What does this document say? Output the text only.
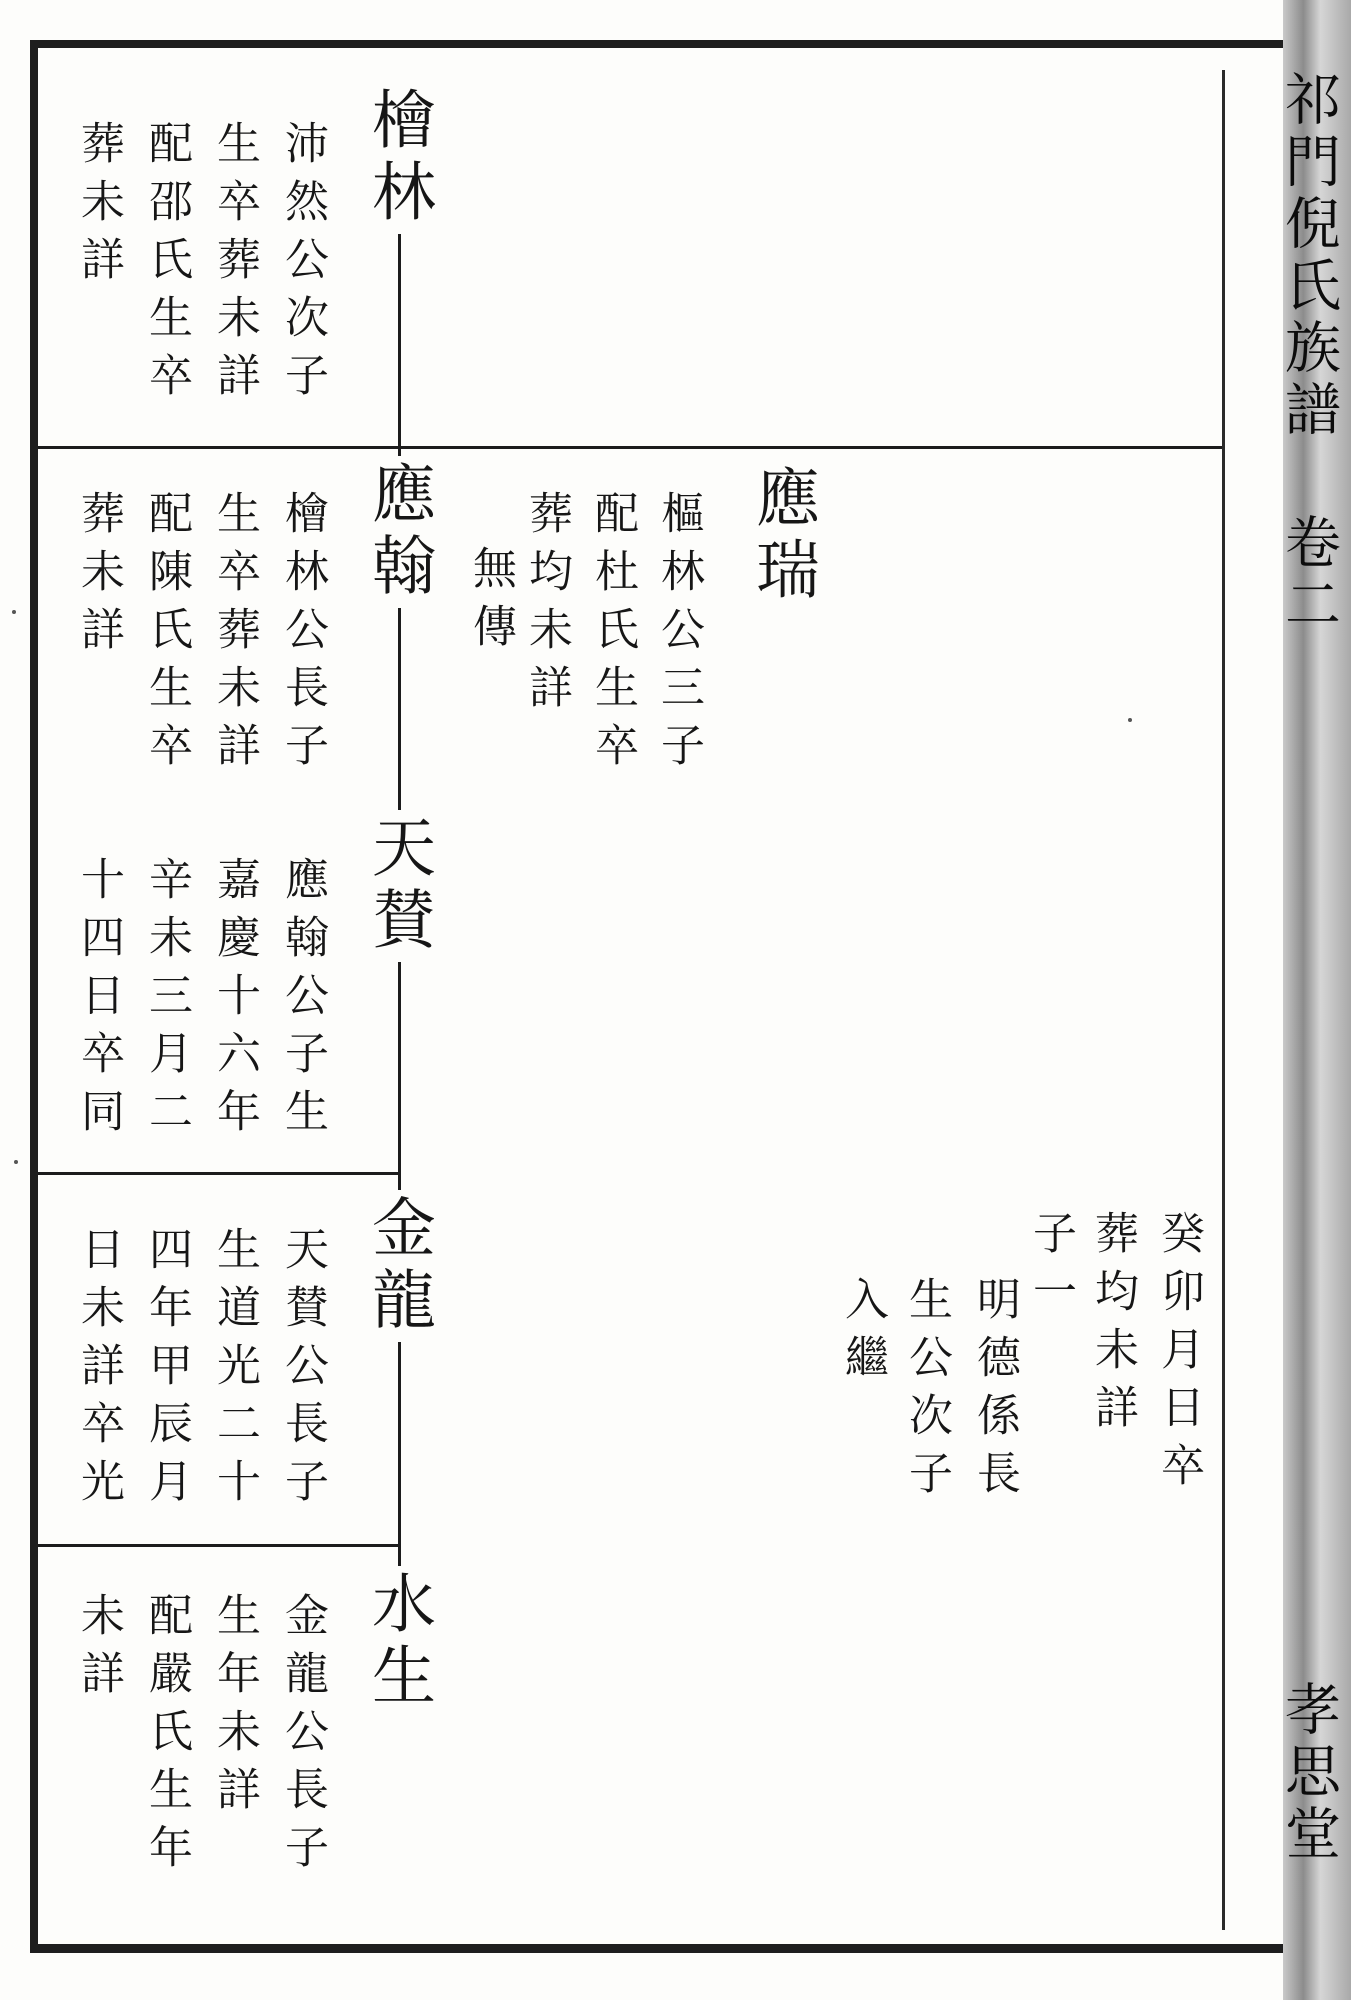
祁門倪氏族譜 卷二
孝思堂
檜林
應翰	應瑞
天賛
金龍
水生
沛然公次子
生卒葬未詳
配邵氏生卒
葬未詳
檜林公長子
生卒葬未詳
配陳氏生卒
葬未詳	樞林公三子
配杜氏生卒
葬均未詳
無傳
應翰公子生
嘉慶十六年
辛未三月二
十四日卒同
天賛公長子
生道光二十
四年甲辰月
日未詳卒光
金龍公長子
生年未詳
配嚴氏生年
未詳
癸卯月日卒
葬均未詳
子一
明德係長
生公次子
入繼
